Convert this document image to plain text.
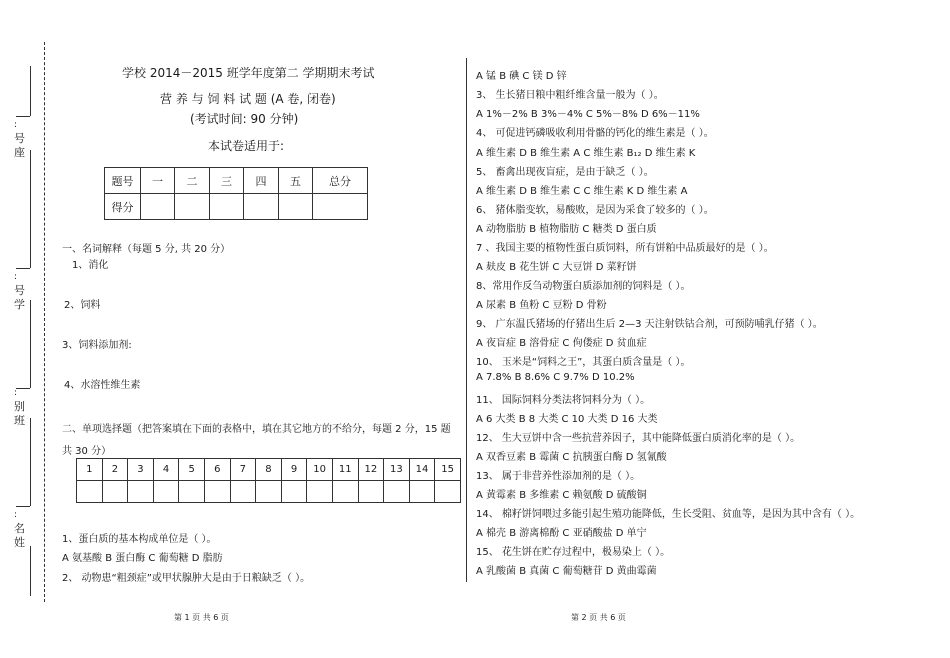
:
号
座
:
号
学
:
别
班
:
名
姓
学校 2014－2015 班学年度第二 学期期末考试
营 养 与 饲 料 试 题 (A 卷, 闭卷)
(考试时间: 90 分钟)
本试卷适用于:
题号	一	二	三	四	五	总分
得分						
一、名词解释（每题 5 分, 共 20 分）
1、消化
2、饲料
3、饲料添加剂:
4、水溶性维生素
二、单项选择题（把答案填在下面的表格中，填在其它地方的不给分，每题 2 分，15 题
共 30 分）
1	2	3	4	5	6	7	8	9	10	11	12	13	14	15

1、蛋白质的基本构成单位是（ ）。
A 氨基酸 B 蛋白酶 C 葡萄糖 D 脂肪
2、 动物患“粗颈症”或甲状腺肿大是由于日粮缺乏（ ）。
A 锰 B 碘 C 镁 D 锌
3、 生长猪日粮中粗纤维含量一般为（ ）。
A 1%－2% B 3%－4% C 5%－8% D 6%－11%
4、 可促进钙磷吸收利用骨骼的钙化的维生素是（ ）。
A 维生素 D B 维生素 A C 维生素 B₁₂ D 维生素 K
5、 畜禽出现夜盲症，是由于缺乏（ ）。
A 维生素 D B 维生素 C C 维生素 K D 维生素 A
6、 猪体脂变软，易酸败，是因为采食了较多的（ ）。
A 动物脂肪 B 植物脂肪 C 糖类 D 蛋白质
7 、我国主要的植物性蛋白质饲料，所有饼粕中品质最好的是（ ）。
A 麸皮 B 花生饼 C 大豆饼 D 菜籽饼
8、常用作反刍动物蛋白质添加剂的饲料是（ ）。
A 尿素 B 鱼粉 C 豆粉 D 骨粉
9、 广东温氏猪场的仔猪出生后 2—3 天注射铁钴合剂，可预防哺乳仔猪（ ）。
A 夜盲症 B 溶骨症 C 佝偻症 D 贫血症
10、 玉米是“饲料之王”，其蛋白质含量是（ ）。
A 7.8% B 8.6% C 9.7% D 10.2%
11、 国际饲料分类法将饲料分为（ ）。
A 6 大类 B 8 大类 C 10 大类 D 16 大类
12、 生大豆饼中含一些抗营养因子，其中能降低蛋白质消化率的是（ ）。
A 双香豆素 B 霉菌 C 抗胰蛋白酶 D 氢氰酸
13、 属于非营养性添加剂的是（ ）。
A 黄霉素 B 多维素 C 赖氨酸 D 硫酸铜
14、 棉籽饼饲喂过多能引起生殖功能降低，生长受阻、贫血等，是因为其中含有（ ）。
A 棉壳 B 游离棉酚 C 亚硝酸盐 D 单宁
15、 花生饼在贮存过程中，极易染上（ ）。
A 乳酸菌 B 真菌 C 葡萄糖苷 D 黄曲霉菌
第 1 页 共 6 页	第 2 页 共 6 页
